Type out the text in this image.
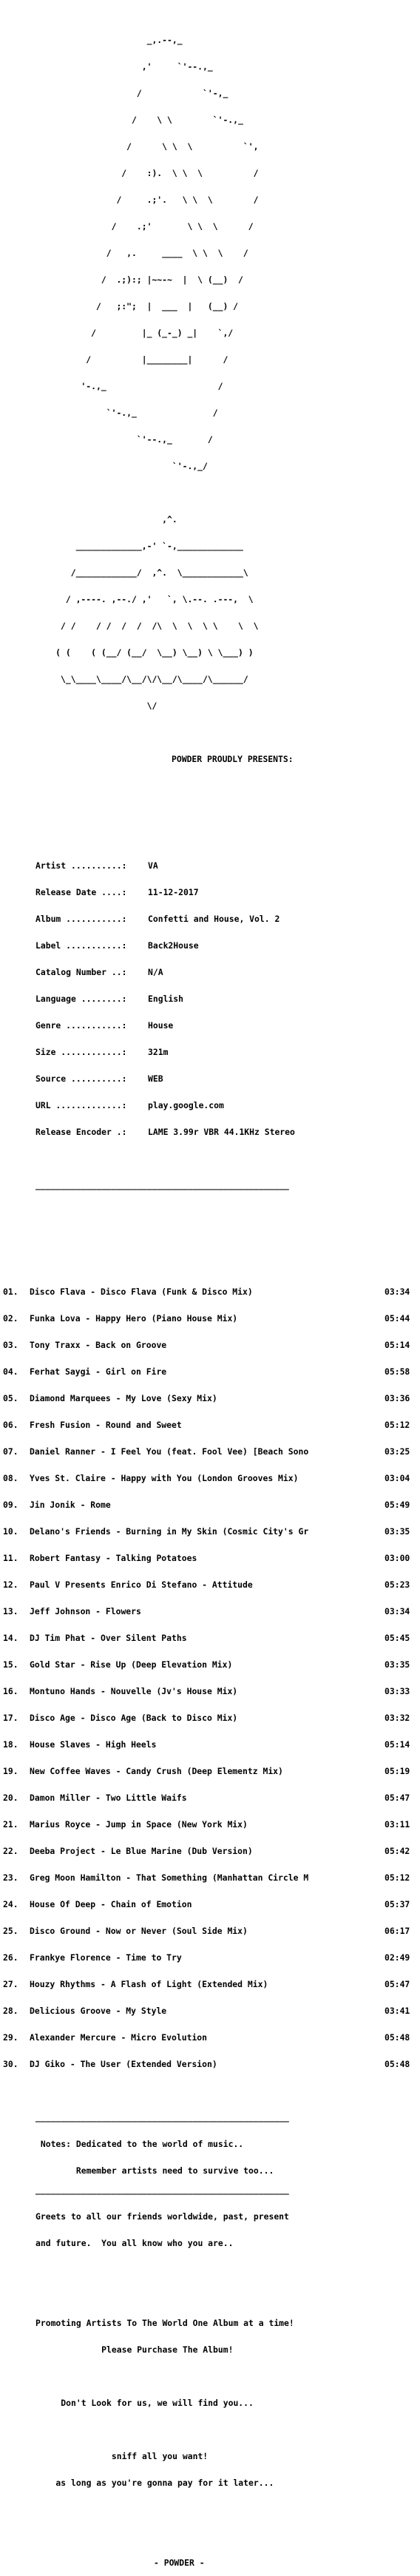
_,.--,_

,'     `'--.,_

/            `'-,_

/    \ \        `'-.,_

/      \ \  \          `',

/    :).  \ \  \          /

/     .;'.   \ \  \        /

/    .;'       \ \  \      /

/   ,.     ____  \ \  \    /

/  .;):; |~~-~  |  \ (__)  /

/   ;:";  |  ___  |   (__) /

/         |_ (_-_) _|    `,/

/          |________|      /

'-.,_                      /

`'-.,_               /

`'--.,_       /

`'-.,_/

,^.

_____________,-' `-,_____________

/____________/  ,^.  \____________\

/ ,----. ,--./ ,'   `, \.--. .---,  \

/ /    / /  /  /  /\  \  \  \ \    \  \

( (    ( (__/ (__/  \__) \__) \ \___) )

\_\____\____/\__/\/\__/\____/\______/

\/

POWDER PROUDLY PRESENTS:

Artist ..........:	VA

Release Date ....:	11-12-2017

Album ...........:	Confetti and House, Vol. 2

Label ...........:	Back2House

Catalog Number ..:	N/A

Language ........:	English

Genre ...........:	House

Size ............:	321m

Source ..........:	WEB

URL .............:	play.google.com

Release Encoder .:	LAME 3.99r VBR 44.1KHz Stereo

__________________________________________________

01. Disco Flava - Disco Flava (Funk & Disco Mix)	03:34

02. Funka Lova - Happy Hero (Piano House Mix)	05:44

03. Tony Traxx - Back on Groove	05:14

04. Ferhat Saygi - Girl on Fire	05:58

05. Diamond Marquees - My Love (Sexy Mix)	03:36

06. Fresh Fusion - Round and Sweet	05:12

07. Daniel Ranner - I Feel You (feat. Fool Vee) [Beach Sono	03:25

08. Yves St. Claire - Happy with You (London Grooves Mix)	03:04

09. Jin Jonik - Rome	05:49

10. Delano's Friends - Burning in My Skin (Cosmic City's Gr	03:35

11. Robert Fantasy - Talking Potatoes	03:00

12. Paul V Presents Enrico Di Stefano - Attitude	05:23

13. Jeff Johnson - Flowers	03:34

14. DJ Tim Phat - Over Silent Paths	05:45

15. Gold Star - Rise Up (Deep Elevation Mix)	03:35

16. Montuno Hands - Nouvelle (Jv's House Mix)	03:33

17. Disco Age - Disco Age (Back to Disco Mix)	03:32

18. House Slaves - High Heels	05:14

19. New Coffee Waves - Candy Crush (Deep Elementz Mix)	05:19

20. Damon Miller - Two Little Waifs	05:47

21. Marius Royce - Jump in Space (New York Mix)	03:11

22. Deeba Project - Le Blue Marine (Dub Version)	05:42

23. Greg Moon Hamilton - That Something (Manhattan Circle M	05:12

24. House Of Deep - Chain of Emotion	05:37

25. Disco Ground - Now or Never (Soul Side Mix)	06:17

26. Frankye Florence - Time to Try	02:49

27. Houzy Rhythms - A Flash of Light (Extended Mix)	05:47

28. Delicious Groove - My Style	03:41

29. Alexander Mercure - Micro Evolution	05:48

30. DJ Giko - The User (Extended Version)	05:48

__________________________________________________

Notes: Dedicated to the world of music..

Remember artists need to survive too...

__________________________________________________

Greets to all our friends worldwide, past, present

and future.  You all know who you are..

Promoting Artists To The World One Album at a time!

Please Purchase The Album!

Don't Look for us, we will find you...

sniff all you want!

as long as you're gonna pay for it later...

- POWDER -
